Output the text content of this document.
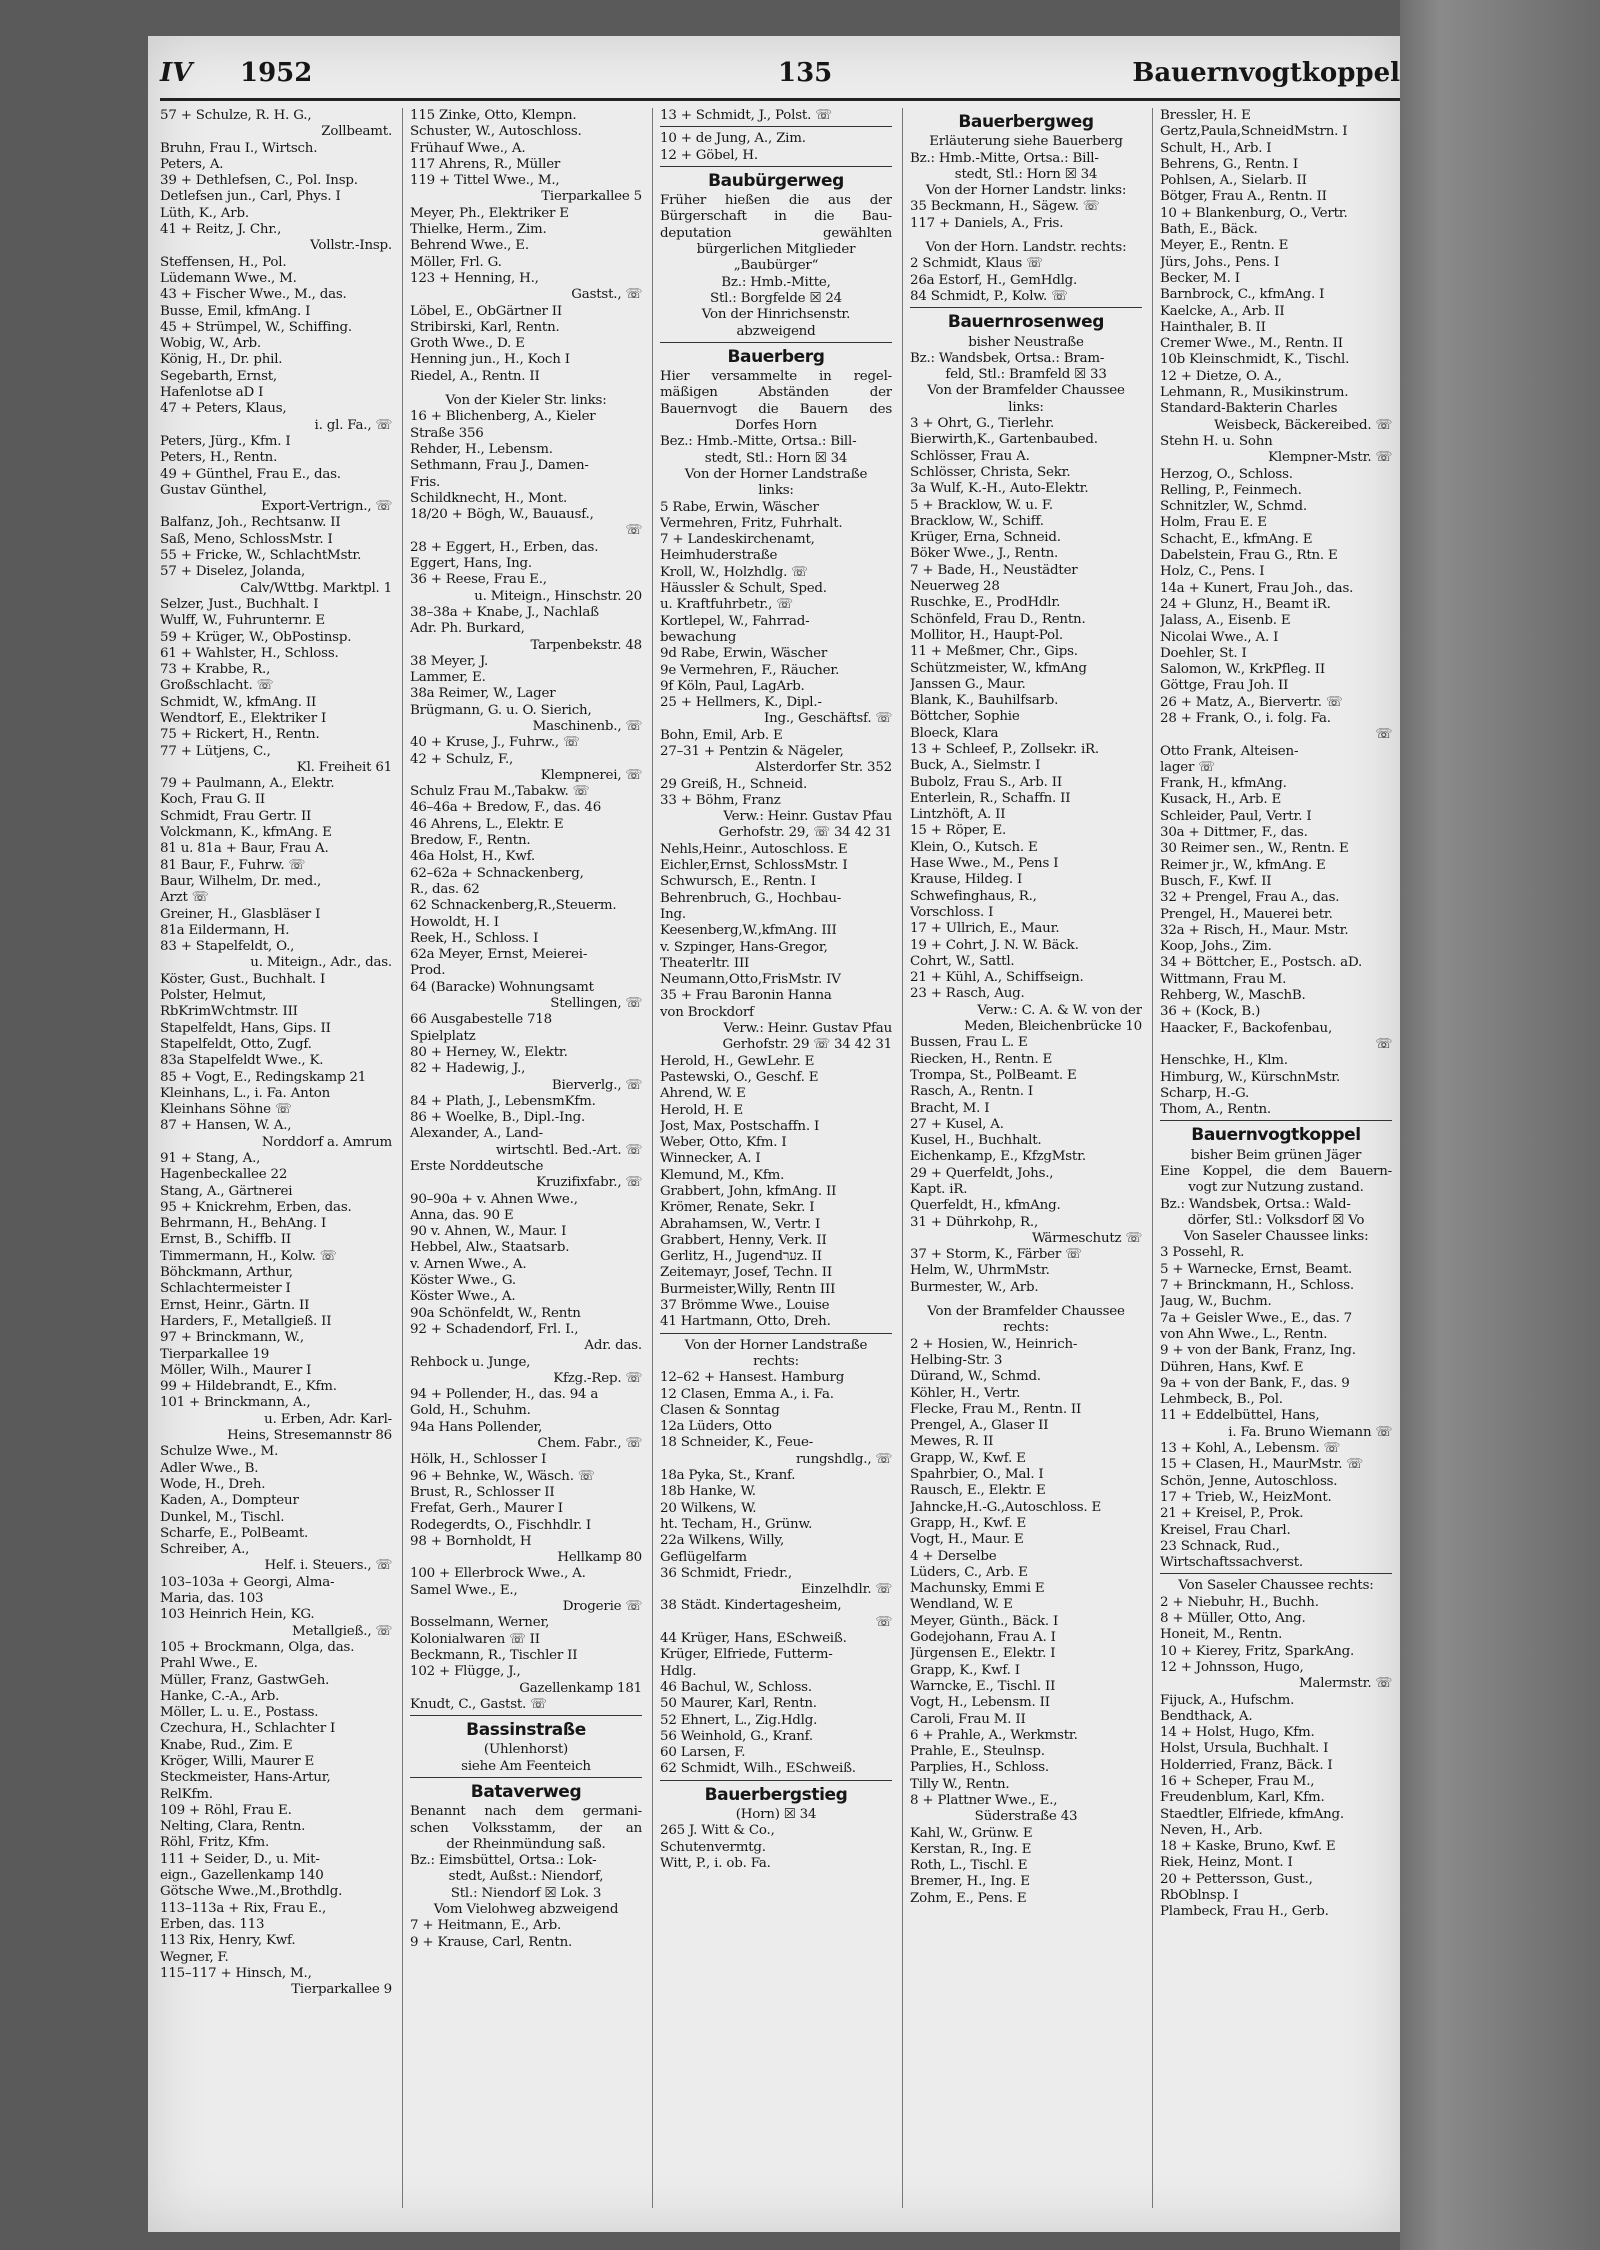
IV 1952	135	Bauernvogtkoppel
57 + Schulze, R. H. G.,
Zollbeamt.
Bruhn, Frau I., Wirtsch.
Peters, A.
39 + Dethlefsen, C., Pol. Insp.
Detlefsen jun., Carl, Phys. I
Lüth, K., Arb.
41 + Reitz, J. Chr.,
Vollstr.-Insp.
Steffensen, H., Pol.
Lüdemann Wwe., M.
43 + Fischer Wwe., M., das.
Busse, Emil, kfmAng. I
45 + Strümpel, W., Schiffing.
Wobig, W., Arb.
König, H., Dr. phil.
Segebarth, Ernst,
Hafenlotse aD I
47 + Peters, Klaus,
i. gl. Fa., ☏
Peters, Jürg., Kfm. I
Peters, H., Rentn.
49 + Günthel, Frau E., das.
Gustav Günthel,
Export-Vertrign., ☏
Balfanz, Joh., Rechtsanw. II
Saß, Meno, SchlossMstr. I
55 + Fricke, W., SchlachtMstr.
57 + Diselez, Jolanda,
Calv/Wttbg. Marktpl. 1
Selzer, Just., Buchhalt. I
Wulff, W., Fuhrunternr. E
59 + Krüger, W., ObPostinsp.
61 + Wahlster, H., Schloss.
73 + Krabbe, R.,
Großschlacht. ☏
Schmidt, W., kfmAng. II
Wendtorf, E., Elektriker I
75 + Rickert, H., Rentn.
77 + Lütjens, C.,
Kl. Freiheit 61
79 + Paulmann, A., Elektr.
Koch, Frau G. II
Schmidt, Frau Gertr. II
Volckmann, K., kfmAng. E
81 u. 81a + Baur, Frau A.
81 Baur, F., Fuhrw. ☏
Baur, Wilhelm, Dr. med.,
Arzt ☏
Greiner, H., Glasbläser I
81a Eildermann, H.
83 + Stapelfeldt, O.,
u. Miteign., Adr., das.
Köster, Gust., Buchhalt. I
Polster, Helmut,
RbKrimWchtmstr. III
Stapelfeldt, Hans, Gips. II
Stapelfeldt, Otto, Zugf.
83a Stapelfeldt Wwe., K.
85 + Vogt, E., Redingskamp 21
Kleinhans, L., i. Fa. Anton
Kleinhans Söhne ☏
87 + Hansen, W. A.,
Norddorf a. Amrum
91 + Stang, A.,
Hagenbeckallee 22
Stang, A., Gärtnerei
95 + Knickrehm, Erben, das.
Behrmann, H., BehAng. I
Ernst, B., Schiffb. II
Timmermann, H., Kolw. ☏
Böhckmann, Arthur,
Schlachtermeister I
Ernst, Heinr., Gärtn. II
Harders, F., Metallgieß. II
97 + Brinckmann, W.,
Tierparkallee 19
Möller, Wilh., Maurer I
99 + Hildebrandt, E., Kfm.
101 + Brinckmann, A.,
u. Erben, Adr. Karl-
Heins, Stresemannstr 86
Schulze Wwe., M.
Adler Wwe., B.
Wode, H., Dreh.
Kaden, A., Dompteur
Dunkel, M., Tischl.
Scharfe, E., PolBeamt.
Schreiber, A.,
Helf. i. Steuers., ☏
103–103a + Georgi, Alma-
Maria, das. 103
103 Heinrich Hein, KG.
Metallgieß., ☏
105 + Brockmann, Olga, das.
Prahl Wwe., E.
Müller, Franz, GastwGeh.
Hanke, C.-A., Arb.
Möller, L. u. E., Postass.
Czechura, H., Schlachter I
Knabe, Rud., Zim. E
Kröger, Willi, Maurer E
Steckmeister, Hans-Artur,
RelKfm.
109 + Röhl, Frau E.
Nelting, Clara, Rentn.
Röhl, Fritz, Kfm.
111 + Seider, D., u. Mit-
eign., Gazellenkamp 140
Götsche Wwe.,M.,Brothdlg.
113–113a + Rix, Frau E.,
Erben, das. 113
113 Rix, Henry, Kwf.
Wegner, F.
115–117 + Hinsch, M.,
Tierparkallee 9
115 Zinke, Otto, Klempn.
Schuster, W., Autoschloss.
Frühauf Wwe., A.
117 Ahrens, R., Müller
119 + Tittel Wwe., M.,
Tierparkallee 5
Meyer, Ph., Elektriker E
Thielke, Herm., Zim.
Behrend Wwe., E.
Möller, Frl. G.
123 + Henning, H.,
Gastst., ☏
Löbel, E., ObGärtner II
Stribirski, Karl, Rentn.
Groth Wwe., D. E
Henning jun., H., Koch I
Riedel, A., Rentn. II
Von der Kieler Str. links:
16 + Blichenberg, A., Kieler
Straße 356
Rehder, H., Lebensm.
Sethmann, Frau J., Damen-
Fris.
Schildknecht, H., Mont.
18/20 + Bögh, W., Bauausf.,
☏
28 + Eggert, H., Erben, das.
Eggert, Hans, Ing.
36 + Reese, Frau E.,
u. Miteign., Hinschstr. 20
38–38a + Knabe, J., Nachlaß
Adr. Ph. Burkard,
Tarpenbekstr. 48
38 Meyer, J.
Lammer, E.
38a Reimer, W., Lager
Brügmann, G. u. O. Sierich,
Maschinenb., ☏
40 + Kruse, J., Fuhrw., ☏
42 + Schulz, F.,
Klempnerei, ☏
Schulz Frau M.,Tabakw. ☏
46–46a + Bredow, F., das. 46
46 Ahrens, L., Elektr. E
Bredow, F., Rentn.
46a Holst, H., Kwf.
62–62a + Schnackenberg,
R., das. 62
62 Schnackenberg,R.,Steuerm.
Howoldt, H. I
Reek, H., Schloss. I
62a Meyer, Ernst, Meierei-
Prod.
64 (Baracke) Wohnungsamt
Stellingen, ☏
66 Ausgabestelle 718
Spielplatz
80 + Herney, W., Elektr.
82 + Hadewig, J.,
Bierverlg., ☏
84 + Plath, J., LebensmKfm.
86 + Woelke, B., Dipl.-Ing.
Alexander, A., Land-
wirtschtl. Bed.-Art. ☏
Erste Norddeutsche
Kruzifixfabr., ☏
90–90a + v. Ahnen Wwe.,
Anna, das. 90 E
90 v. Ahnen, W., Maur. I
Hebbel, Alw., Staatsarb.
v. Arnen Wwe., A.
Köster Wwe., G.
Köster Wwe., A.
90a Schönfeldt, W., Rentn
92 + Schadendorf, Frl. I.,
Adr. das.
Rehbock u. Junge,
Kfzg.-Rep. ☏
94 + Pollender, H., das. 94 a
Gold, H., Schuhm.
94a Hans Pollender,
Chem. Fabr., ☏
Hölk, H., Schlosser I
96 + Behnke, W., Wäsch. ☏
Brust, R., Schlosser II
Frefat, Gerh., Maurer I
Rodegerdts, O., Fischhdlr. I
98 + Bornholdt, H
Hellkamp 80
100 + Ellerbrock Wwe., A.
Samel Wwe., E.,
Drogerie ☏
Bosselmann, Werner,
Kolonialwaren ☏ II
Beckmann, R., Tischler II
102 + Flügge, J.,
Gazellenkamp 181
Knudt, C., Gastst. ☏
Bassinstraße
(Uhlenhorst)
siehe Am Feenteich
Bataverweg
Benannt nach dem germani-
schen Volksstamm, der an
der Rheinmündung saß.
Bz.: Eimsbüttel, Ortsa.: Lok-
stedt, Außst.: Niendorf,
Stl.: Niendorf ☒ Lok. 3
Vom Vielohweg abzweigend
7 + Heitmann, E., Arb.
9 + Krause, Carl, Rentn.
13 + Schmidt, J., Polst. ☏
10 + de Jung, A., Zim.
12 + Göbel, H.
Baubürgerweg
Früher hießen die aus der
Bürgerschaft in die Bau-
deputation gewählten
bürgerlichen Mitglieder
„Baubürger“
Bz.: Hmb.-Mitte,
Stl.: Borgfelde ☒ 24
Von der Hinrichsenstr.
abzweigend
Bauerberg
Hier versammelte in regel-
mäßigen Abständen der
Bauernvogt die Bauern des
Dorfes Horn
Bez.: Hmb.-Mitte, Ortsa.: Bill-
stedt, Stl.: Horn ☒ 34
Von der Horner Landstraße
links:
5 Rabe, Erwin, Wäscher
Vermehren, Fritz, Fuhrhalt.
7 + Landeskirchenamt,
Heimhuderstraße
Kroll, W., Holzhdlg. ☏
Häussler & Schult, Sped.
u. Kraftfuhrbetr., ☏
Kortlepel, W., Fahrrad-
bewachung
9d Rabe, Erwin, Wäscher
9e Vermehren, F., Räucher.
9f Köln, Paul, LagArb.
25 + Hellmers, K., Dipl.-
Ing., Geschäftsf. ☏
Bohn, Emil, Arb. E
27–31 + Pentzin & Nägeler,
Alsterdorfer Str. 352
29 Greiß, H., Schneid.
33 + Böhm, Franz
Verw.: Heinr. Gustav Pfau
Gerhofstr. 29, ☏ 34 42 31
Nehls,Heinr., Autoschloss. E
Eichler,Ernst, SchlossMstr. I
Schwursch, E., Rentn. I
Behrenbruch, G., Hochbau-
Ing.
Keesenberg,W.,kfmAng. III
v. Szpinger, Hans-Gregor,
Theaterltr. III
Neumann,Otto,FrisMstr. IV
35 + Frau Baronin Hanna
von Brockdorf
Verw.: Heinr. Gustav Pfau
Gerhofstr. 29 ☏ 34 42 31
Herold, H., GewLehr. E
Pastewski, O., Geschf. E
Ahrend, W. E
Herold, H. E
Jost, Max, Postschaffn. I
Weber, Otto, Kfm. I
Winnecker, A. I
Klemund, M., Kfm.
Grabbert, John, kfmAng. II
Krömer, Renate, Sekr. I
Abrahamsen, W., Vertr. I
Grabbert, Henny, Verk. II
Gerlitz, H., Jugendערz. II
Zeitemayr, Josef, Techn. II
Burmeister,Willy, Rentn III
37 Brömme Wwe., Louise
41 Hartmann, Otto, Dreh.
Von der Horner Landstraße
rechts:
12–62 + Hansest. Hamburg
12 Clasen, Emma A., i. Fa.
Clasen & Sonntag
12a Lüders, Otto
18 Schneider, K., Feue-
rungshdlg., ☏
18a Pyka, St., Kranf.
18b Hanke, W.
20 Wilkens, W.
ht. Techam, H., Grünw.
22a Wilkens, Willy,
Geflügelfarm
36 Schmidt, Friedr.,
Einzelhdlr. ☏
38 Städt. Kindertagesheim,
☏
44 Krüger, Hans, ESchweiß.
Krüger, Elfriede, Futterm-
Hdlg.
46 Bachul, W., Schloss.
50 Maurer, Karl, Rentn.
52 Ehnert, L., Zig.Hdlg.
56 Weinhold, G., Kranf.
60 Larsen, F.
62 Schmidt, Wilh., ESchweiß.
Bauerbergstieg
(Horn) ☒ 34
265 J. Witt & Co.,
Schutenvermtg.
Witt, P., i. ob. Fa.
Bauerbergweg
Erläuterung siehe Bauerberg
Bz.: Hmb.-Mitte, Ortsa.: Bill-
stedt, Stl.: Horn ☒ 34
Von der Horner Landstr. links:
35 Beckmann, H., Sägew. ☏
117 + Daniels, A., Fris.
Von der Horn. Landstr. rechts:
2 Schmidt, Klaus ☏
26a Estorf, H., GemHdlg.
84 Schmidt, P., Kolw. ☏
Bauernrosenweg
bisher Neustraße
Bz.: Wandsbek, Ortsa.: Bram-
feld, Stl.: Bramfeld ☒ 33
Von der Bramfelder Chaussee
links:
3 + Ohrt, G., Tierlehr.
Bierwirth,K., Gartenbaubed.
Schlösser, Frau A.
Schlösser, Christa, Sekr.
3a Wulf, K.-H., Auto-Elektr.
5 + Bracklow, W. u. F.
Bracklow, W., Schiff.
Krüger, Erna, Schneid.
Böker Wwe., J., Rentn.
7 + Bade, H., Neustädter
Neuerweg 28
Ruschke, E., ProdHdlr.
Schönfeld, Frau D., Rentn.
Mollitor, H., Haupt-Pol.
11 + Meßmer, Chr., Gips.
Schützmeister, W., kfmAng
Janssen G., Maur.
Blank, K., Bauhilfsarb.
Böttcher, Sophie
Bloeck, Klara
13 + Schleef, P., Zollsekr. iR.
Buck, A., Sielmstr. I
Bubolz, Frau S., Arb. II
Enterlein, R., Schaffn. II
Lintzhöft, A. II
15 + Röper, E.
Klein, O., Kutsch. E
Hase Wwe., M., Pens I
Krause, Hildeg. I
Schwefinghaus, R.,
Vorschloss. I
17 + Ullrich, E., Maur.
19 + Cohrt, J. N. W. Bäck.
Cohrt, W., Sattl.
21 + Kühl, A., Schiffseign.
23 + Rasch, Aug.
Verw.: C. A. & W. von der
Meden, Bleichenbrücke 10
Bussen, Frau L. E
Riecken, H., Rentn. E
Trompa, St., PolBeamt. E
Rasch, A., Rentn. I
Bracht, M. I
27 + Kusel, A.
Kusel, H., Buchhalt.
Eichenkamp, E., KfzgMstr.
29 + Querfeldt, Johs.,
Kapt. iR.
Querfeldt, H., kfmAng.
31 + Dührkohp, R.,
Wärmeschutz ☏
37 + Storm, K., Färber ☏
Helm, W., UhrmMstr.
Burmester, W., Arb.
Von der Bramfelder Chaussee
rechts:
2 + Hosien, W., Heinrich-
Helbing-Str. 3
Dürand, W., Schmd.
Köhler, H., Vertr.
Flecke, Frau M., Rentn. II
Prengel, A., Glaser II
Mewes, R. II
Grapp, W., Kwf. E
Spahrbier, O., Mal. I
Rausch, E., Elektr. E
Jahncke,H.-G.,Autoschloss. E
Grapp, H., Kwf. E
Vogt, H., Maur. E
4 + Derselbe
Lüders, C., Arb. E
Machunsky, Emmi E
Wendland, W. E
Meyer, Günth., Bäck. I
Godejohann, Frau A. I
Jürgensen E., Elektr. I
Grapp, K., Kwf. I
Warncke, E., Tischl. II
Vogt, H., Lebensm. II
Caroli, Frau M. II
6 + Prahle, A., Werkmstr.
Prahle, E., Steulnsp.
Parplies, H., Schloss.
Tilly W., Rentn.
8 + Plattner Wwe., E.,
Süderstraße 43
Kahl, W., Grünw. E
Kerstan, R., Ing. E
Roth, L., Tischl. E
Bremer, H., Ing. E
Zohm, E., Pens. E
Bressler, H. E
Gertz,Paula,SchneidMstrn. I
Schult, H., Arb. I
Behrens, G., Rentn. I
Pohlsen, A., Sielarb. II
Bötger, Frau A., Rentn. II
10 + Blankenburg, O., Vertr.
Bath, E., Bäck.
Meyer, E., Rentn. E
Jürs, Johs., Pens. I
Becker, M. I
Barnbrock, C., kfmAng. I
Kaelcke, A., Arb. II
Hainthaler, B. II
Cremer Wwe., M., Rentn. II
10b Kleinschmidt, K., Tischl.
12 + Dietze, O. A.,
Lehmann, R., Musikinstrum.
Standard-Bakterin Charles
Weisbeck, Bäckereibed. ☏
Stehn H. u. Sohn
Klempner-Mstr. ☏
Herzog, O., Schloss.
Relling, P., Feinmech.
Schnitzler, W., Schmd.
Holm, Frau E. E
Schacht, E., kfmAng. E
Dabelstein, Frau G., Rtn. E
Holz, C., Pens. I
14a + Kunert, Frau Joh., das.
24 + Glunz, H., Beamt iR.
Jalass, A., Eisenb. E
Nicolai Wwe., A. I
Doehler, St. I
Salomon, W., KrkPfleg. II
Göttge, Frau Joh. II
26 + Matz, A., Biervertr. ☏
28 + Frank, O., i. folg. Fa.
☏
Otto Frank, Alteisen-
lager ☏
Frank, H., kfmAng.
Kusack, H., Arb. E
Schleider, Paul, Vertr. I
30a + Dittmer, F., das.
30 Reimer sen., W., Rentn. E
Reimer jr., W., kfmAng. E
Busch, F., Kwf. II
32 + Prengel, Frau A., das.
Prengel, H., Mauerei betr.
32a + Risch, H., Maur. Mstr.
Koop, Johs., Zim.
34 + Böttcher, E., Postsch. aD.
Wittmann, Frau M.
Rehberg, W., MaschB.
36 + (Kock, B.)
Haacker, F., Backofenbau,
☏
Henschke, H., Klm.
Himburg, W., KürschnMstr.
Scharp, H.-G.
Thom, A., Rentn.
Bauernvogtkoppel
bisher Beim grünen Jäger
Eine Koppel, die dem Bauern-
vogt zur Nutzung zustand.
Bz.: Wandsbek, Ortsa.: Wald-
dörfer, Stl.: Volksdorf ☒ Vo
Von Saseler Chaussee links:
3 Possehl, R.
5 + Warnecke, Ernst, Beamt.
7 + Brinckmann, H., Schloss.
Jaug, W., Buchm.
7a + Geisler Wwe., E., das. 7
von Ahn Wwe., L., Rentn.
9 + von der Bank, Franz, Ing.
Dühren, Hans, Kwf. E
9a + von der Bank, F., das. 9
Lehmbeck, B., Pol.
11 + Eddelbüttel, Hans,
i. Fa. Bruno Wiemann ☏
13 + Kohl, A., Lebensm. ☏
15 + Clasen, H., MaurMstr. ☏
Schön, Jenne, Autoschloss.
17 + Trieb, W., HeizMont.
21 + Kreisel, P., Prok.
Kreisel, Frau Charl.
23 Schnack, Rud.,
Wirtschaftssachverst.
Von Saseler Chaussee rechts:
2 + Niebuhr, H., Buchh.
8 + Müller, Otto, Ang.
Honeit, M., Rentn.
10 + Kierey, Fritz, SparkAng.
12 + Johnsson, Hugo,
Malermstr. ☏
Fijuck, A., Hufschm.
Bendthack, A.
14 + Holst, Hugo, Kfm.
Holst, Ursula, Buchhalt. I
Holderried, Franz, Bäck. I
16 + Scheper, Frau M.,
Freudenblum, Karl, Kfm.
Staedtler, Elfriede, kfmAng.
Neven, H., Arb.
18 + Kaske, Bruno, Kwf. E
Riek, Heinz, Mont. I
20 + Pettersson, Gust.,
RbOblnsp. I
Plambeck, Frau H., Gerb.
